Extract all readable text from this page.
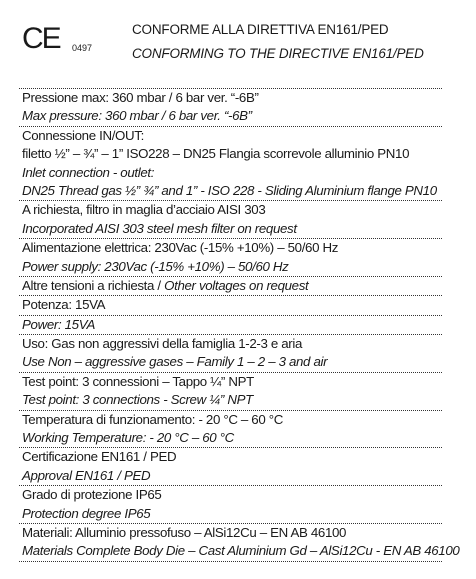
CE 0497
CONFORME ALLA DIRETTIVA EN161/PED
CONFORMING TO THE DIRECTIVE EN161/PED
Pressione max: 360 mbar / 6 bar ver. “-6B”
Max pressure: 360 mbar / 6 bar ver. “-6B”
Connessione IN/OUT:
filetto ½” – ¾” – 1” ISO228 – DN25 Flangia scorrevole alluminio PN10
Inlet connection - outlet:
DN25 Thread gas ½” ¾” and 1” - ISO 228 - Sliding Aluminium flange PN10
A richiesta, filtro in maglia d’acciaio AISI 303
Incorporated AISI 303 steel mesh filter on request
Alimentazione elettrica: 230Vac (-15% +10%) – 50/60 Hz
Power supply: 230Vac (-15% +10%) – 50/60 Hz
Altre tensioni a richiesta / Other voltages on request
Potenza: 15VA
Power: 15VA
Uso: Gas non aggressivi della famiglia 1-2-3 e aria
Use Non – aggressive gases – Family 1 – 2 – 3 and air
Test point: 3 connessioni – Tappo ¼” NPT
Test point: 3 connections - Screw ¼” NPT
Temperatura di funzionamento: - 20 °C – 60 °C
Working Temperature: - 20 °C – 60 °C
Certificazione EN161 / PED
Approval EN161 / PED
Grado di protezione IP65
Protection degree IP65
Materiali: Alluminio pressofuso – AlSi12Cu – EN AB 46100
Materials Complete Body Die – Cast Aluminium Gd – AlSi12Cu - EN AB 46100
